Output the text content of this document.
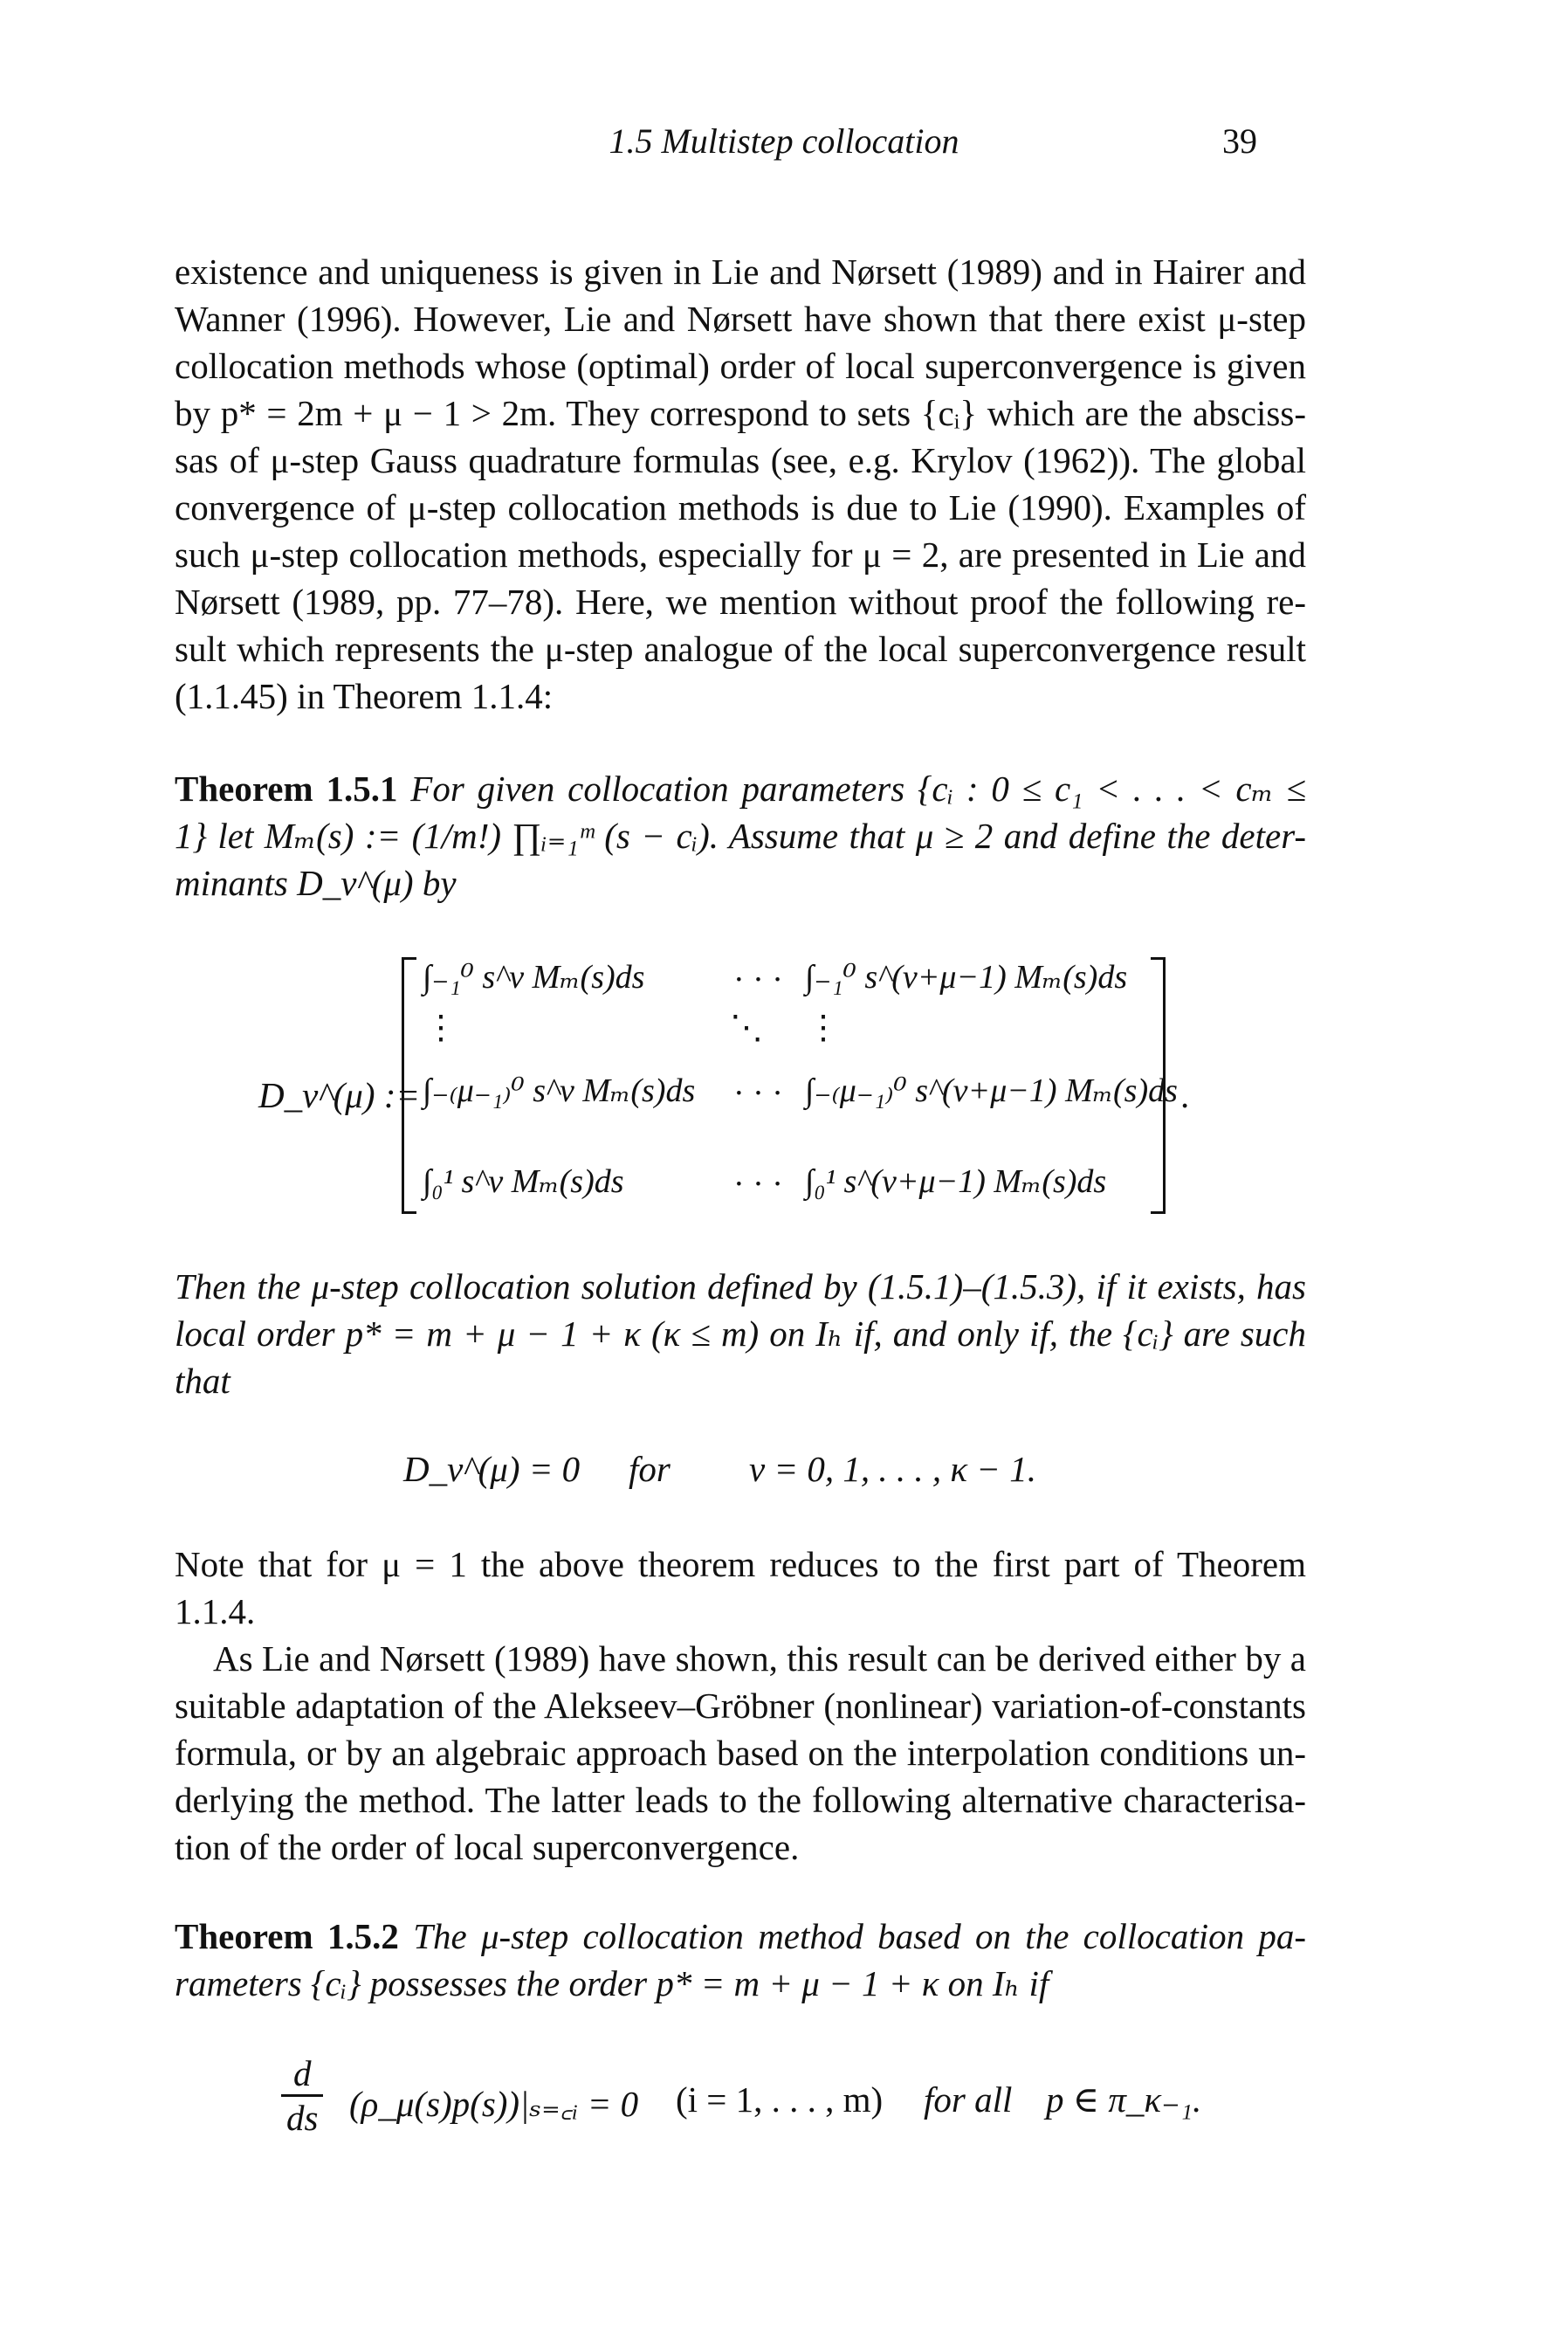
1.5 Multistep collocation	39
existence and uniqueness is given in Lie and Nørsett (1989) and in Hairer and
Wanner (1996). However, Lie and Nørsett have shown that there exist μ-step
collocation methods whose (optimal) order of local superconvergence is given
by p* = 2m + μ − 1 > 2m. They correspond to sets {cᵢ} which are the absciss-
sas of μ-step Gauss quadrature formulas (see, e.g. Krylov (1962)). The global
convergence of μ-step collocation methods is due to Lie (1990). Examples of
such μ-step collocation methods, especially for μ = 2, are presented in Lie and
Nørsett (1989, pp. 77–78). Here, we mention without proof the following re-
sult which represents the μ-step analogue of the local superconvergence result
(1.1.45) in Theorem 1.1.4:
Theorem 1.5.1 For given collocation parameters {cᵢ : 0 ≤ c₁ < . . . < cₘ ≤
1} let Mₘ(s) := (1/m!) ∏ᵢ₌₁ᵐ (s − cᵢ). Assume that μ ≥ 2 and define the deter-
minants D_ν^(μ) by
D_ν^(μ) :=
∫₋₁⁰ s^ν Mₘ(s)ds	· · · ∫₋₁⁰ s^(ν+μ−1) Mₘ(s)ds
⋮	⋱ ⋮
∫₋₍μ₋₁₎⁰ s^ν Mₘ(s)ds · · · ∫₋₍μ₋₁₎⁰ s^(ν+μ−1) Mₘ(s)ds .
∫₀¹ s^ν Mₘ(s)ds	· · · ∫₀¹ s^(ν+μ−1) Mₘ(s)ds
Then the μ-step collocation solution defined by (1.5.1)–(1.5.3), if it exists, has
local order p* = m + μ − 1 + κ (κ ≤ m) on Iₕ if, and only if, the {cᵢ} are such
that
D_ν^(μ) = 0 for ν = 0, 1, . . . , κ − 1.
Note that for μ = 1 the above theorem reduces to the first part of Theorem
1.1.4.
As Lie and Nørsett (1989) have shown, this result can be derived either by a
suitable adaptation of the Alekseev–Gröbner (nonlinear) variation-of-constants
formula, or by an algebraic approach based on the interpolation conditions un-
derlying the method. The latter leads to the following alternative characterisa-
tion of the order of local superconvergence.
Theorem 1.5.2 The μ-step collocation method based on the collocation pa-
rameters {cᵢ} possesses the order p* = m + μ − 1 + κ on Iₕ if
$\frac{d}{ds}$ (ρ_μ(s)p(s))|ₛ₌꜀ᵢ = 0 (i = 1, . . . , m) for all p ∈ π_κ₋₁.
